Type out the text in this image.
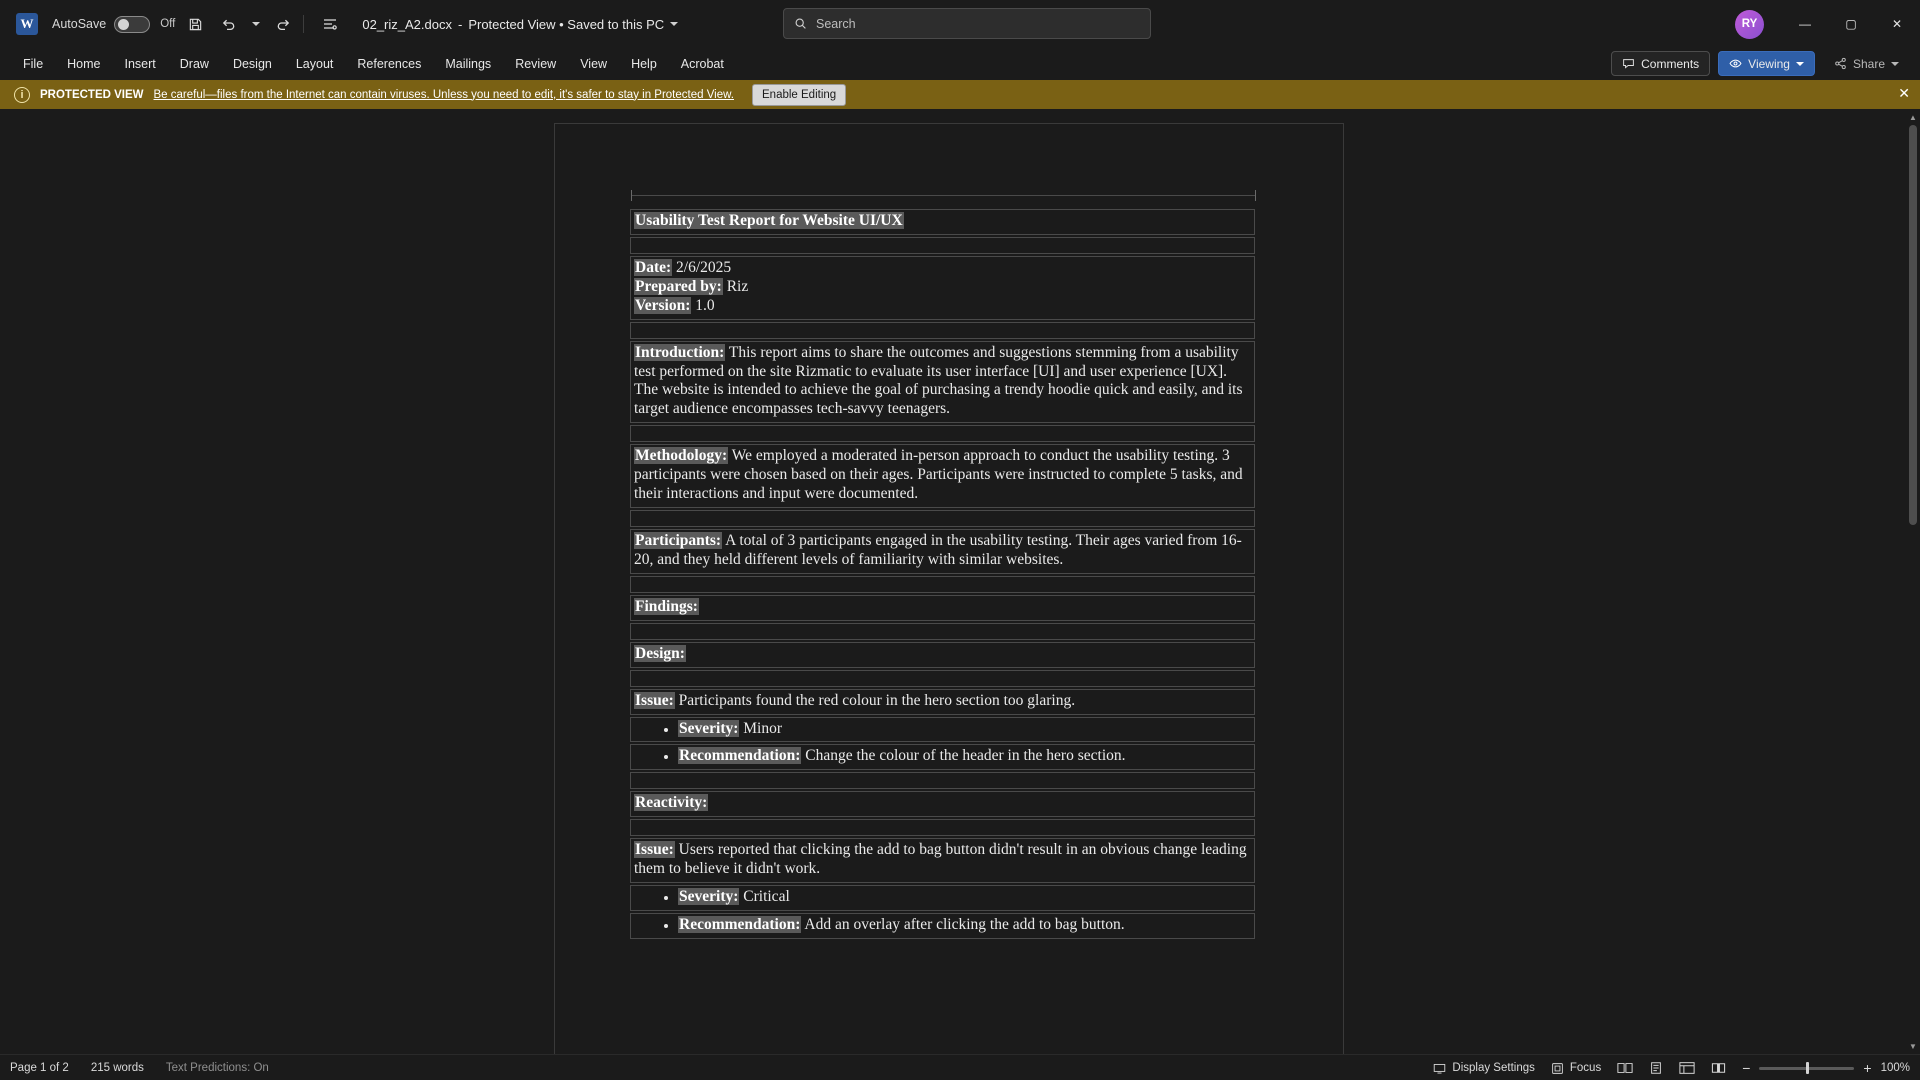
W	AutoSave	Off	02_riz_A2.docx - Protected View • Saved to this PC	Search	RY	—	▢	✕
File	Home	Insert	Draw	Design	Layout	References	Mailings	Review	View	Help	Acrobat	Comments	Viewing	Share
i	PROTECTED VIEW Be careful—files from the Internet can contain viruses. Unless you need to edit, it's safer to stay in Protected View.	Enable Editing	✕

Usability Test Report for Website UI/UX

Date: 2/6/2025

Prepared by: Riz

Version: 1.0

Introduction: This report aims to share the outcomes and suggestions stemming from a usability test performed on the site Rizmatic to evaluate its user interface [UI] and user experience [UX]. The website is intended to achieve the goal of purchasing a trendy hoodie quick and easily, and its target audience encompasses tech-savvy teenagers.

Methodology: We employed a moderated in-person approach to conduct the usability testing. 3 participants were chosen based on their ages. Participants were instructed to complete 5 tasks, and their interactions and input were documented.

Participants: A total of 3 participants engaged in the usability testing. Their ages varied from 16-20, and they held different levels of familiarity with similar websites.

Findings:

Design:

Issue: Participants found the red colour in the hero section too glaring.

• Severity: Minor
• Recommendation: Change the colour of the header in the hero section.

Reactivity:

Issue: Users reported that clicking the add to bag button didn't result in an obvious change leading them to believe it didn't work.

• Severity: Critical
• Recommendation: Add an overlay after clicking the add to bag button.
▲
▼
Page 1 of 2 215 words Text Predictions: On	Display Settings	Focus	−	+ 100%
